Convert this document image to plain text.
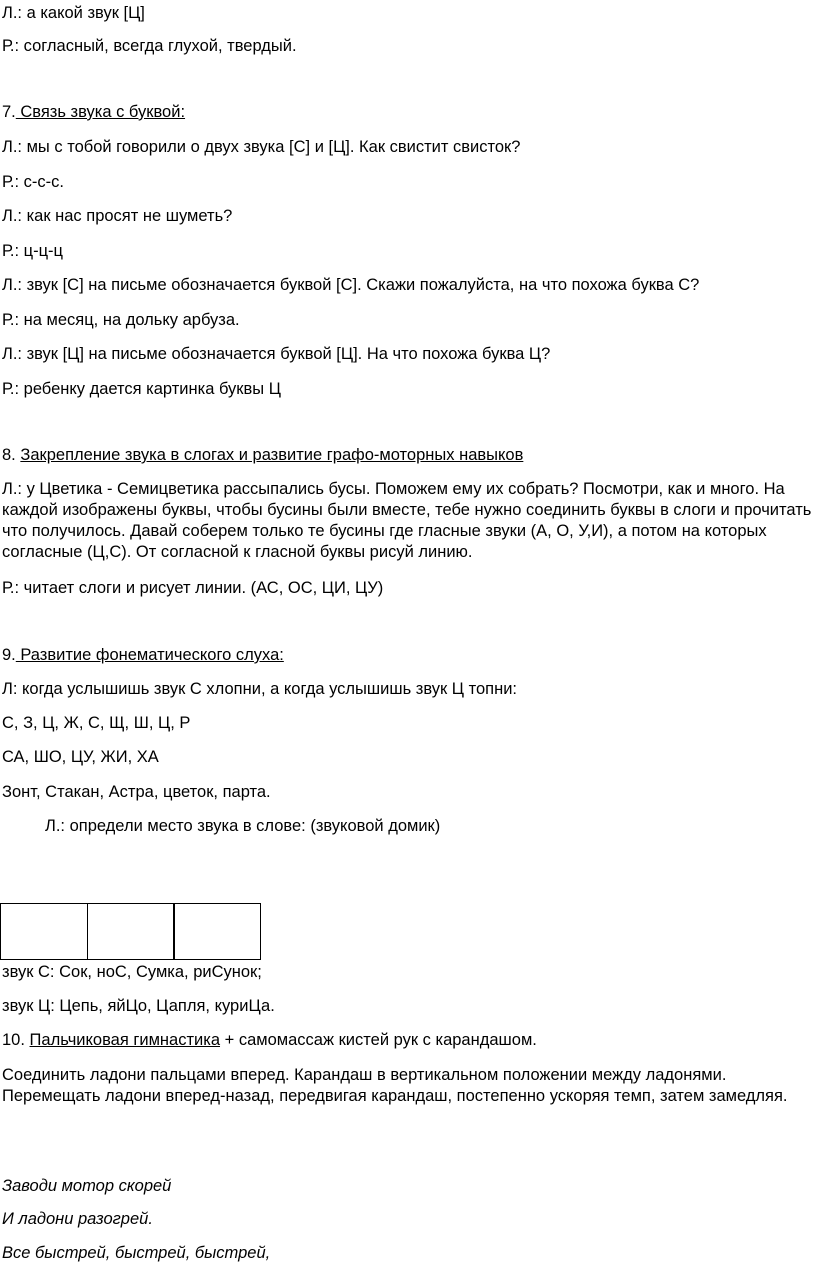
Л.: а какой звук [Ц]
Р.: согласный, всегда глухой, твердый.
7. Связь звука с буквой:
Л.: мы с тобой говорили о двух звука [С] и [Ц]. Как свистит свисток?
Р.: с-с-с.
Л.: как нас просят не шуметь?
Р.: ц-ц-ц
Л.: звук [С] на письме обозначается буквой [С]. Скажи пожалуйста, на что похожа буква С?
Р.: на месяц, на дольку арбуза.
Л.: звук [Ц] на письме обозначается буквой [Ц]. На что похожа буква Ц?
Р.: ребенку дается картинка буквы Ц
8. Закрепление звука в слогах и развитие графо-моторных навыков
Л.: у Цветика - Семицветика рассыпались бусы. Поможем ему их собрать? Посмотри, как и много. На каждой изображены буквы, чтобы бусины были вместе, тебе нужно соединить буквы в слоги и прочитать что получилось. Давай соберем только те бусины где гласные звуки (А, О, У,И), а потом на которых согласные (Ц,С). От согласной к гласной буквы рисуй линию.
Р.: читает слоги и рисует линии. (АС, ОС, ЦИ, ЦУ)
9. Развитие фонематического слуха:
Л: когда услышишь звук С хлопни, а когда услышишь звук Ц топни:
С, З, Ц, Ж, С, Щ, Ш, Ц, Р
СА, ШО, ЦУ, ЖИ, ХА
Зонт, Стакан, Астра, цветок, парта.
Л.: определи место звука в слове: (звуковой домик)
звук С: Сок, ноС, Сумка, риСунок;
звук Ц: Цепь, яйЦо, Цапля, куриЦа.
10. Пальчиковая гимнастика + самомассаж кистей рук с карандашом.
Соединить ладони пальцами вперед. Карандаш в вертикальном положении между ладонями. Перемещать ладони вперед-назад, передвигая карандаш, постепенно ускоряя темп, затем замедляя.
Заводи мотор скорей
И ладони разогрей.
Все быстрей, быстрей, быстрей,
